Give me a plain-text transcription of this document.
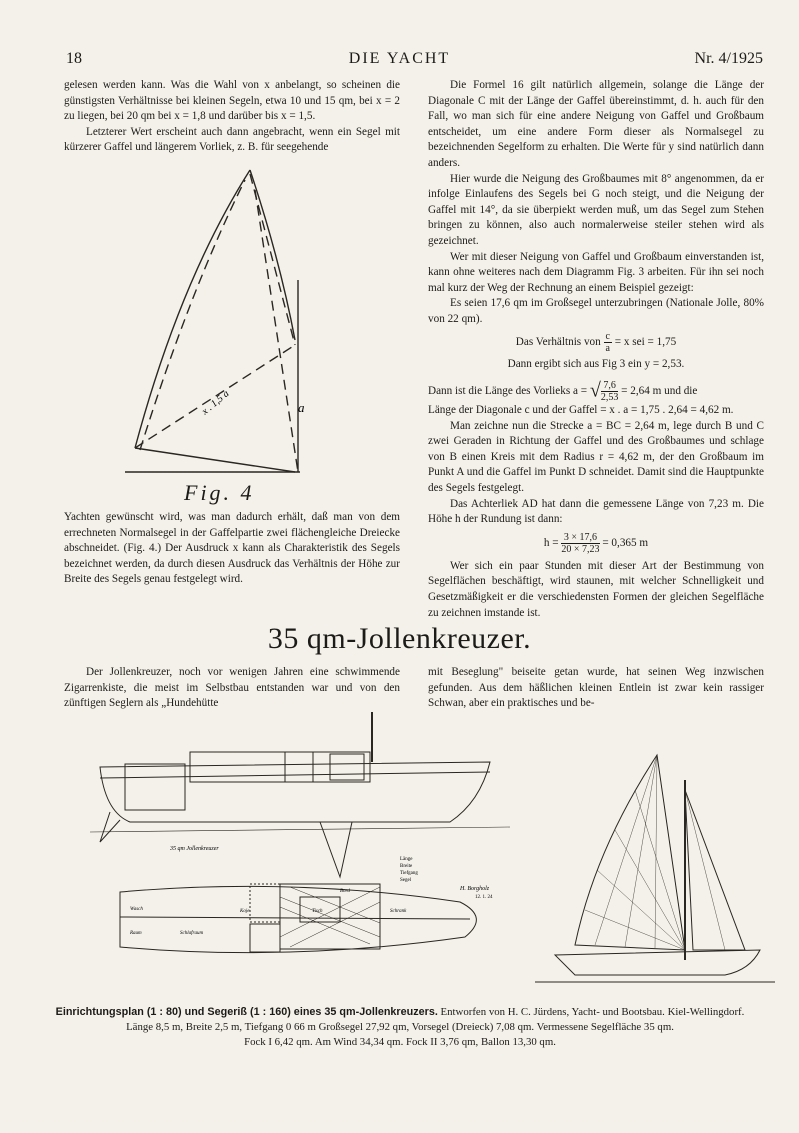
18	DIE YACHT	Nr. 4/1925

gelesen werden kann. Was die Wahl von x anbelangt, so scheinen die günstigsten Verhältnisse bei kleinen Segeln, etwa 10 und 15 qm, bei x = 2 zu liegen, bei 20 qm bei x = 1,8 und darüber bis x = 1,5.

Letzterer Wert erscheint auch dann angebracht, wenn ein Segel mit kürzerer Gaffel und längerem Vorliek, z. B. für seegehende

a
x . 1,5 a
Fig. 4

Yachten gewünscht wird, was man dadurch erhält, daß man von dem errechneten Normalsegel in der Gaffelpartie zwei flächengleiche Dreiecke abschneidet. (Fig. 4.) Der Ausdruck x kann als Charakteristik des Segels bezeichnet werden, da durch diesen Ausdruck das Verhältnis der Höhe zur Breite des Segels genau festgelegt wird.

Die Formel 16 gilt natürlich allgemein, solange die Länge der Diagonale C mit der Länge der Gaffel übereinstimmt, d. h. auch für den Fall, wo man sich für eine andere Neigung von Gaffel und Großbaum entscheidet, um eine andere Form dieser als Normalsegel zu bezeichnenden Segelform zu erhalten. Die Werte für y sind natürlich dann anders.

Hier wurde die Neigung des Großbaumes mit 8° angenommen, da er infolge Einlaufens des Segels bei G noch steigt, und die Neigung der Gaffel mit 14°, da sie überpiekt werden muß, um das Segel zum Stehen bringen zu können, also auch normalerweise steiler stehen wird als gezeichnet.

Wer mit dieser Neigung von Gaffel und Großbaum einverstanden ist, kann ohne weiteres nach dem Diagramm Fig. 3 arbeiten. Für ihn sei noch mal kurz der Weg der Rechnung an einem Beispiel gezeigt:

Es seien 17,6 qm im Großsegel unterzubringen (Nationale Jolle, 80% von 22 qm).

Das Verhältnis von $\frac{c}{a} = x$ sei = 1,75

Dann ergibt sich aus Fig 3 ein y = 2,53.

Dann ist die Länge des Vorlieks a = √ $\frac{7,6}{2,53} = 2,64$ m und die

Länge der Diagonale c und der Gaffel = x . a = 1,75 . 2,64 = 4,62 m.

Man zeichne nun die Strecke a = BC = 2,64 m, lege durch B und C zwei Geraden in Richtung der Gaffel und des Großbaumes und schlage von B einen Kreis mit dem Radius r = 4,62 m, der den Großbaum im Punkt A und die Gaffel im Punkt D schneidet. Damit sind die Hauptpunkte des Segels festgelegt.

Das Achterliek AD hat dann die gemessene Länge von 7,23 m. Die Höhe h der Rundung ist dann:

$h = \frac{3 \times 17,6}{20 \times 7,23} = 0,365$ m

Wer sich ein paar Stunden mit dieser Art der Bestimmung von Segelflächen beschäftigt, wird staunen, mit welcher Schnelligkeit und Gesetzmäßigkeit er die verschiedensten Formen der gleichen Segelfläche zu zeichnen imstande ist.

35 qm-Jollenkreuzer.

Der Jollenkreuzer, noch vor wenigen Jahren eine schwimmende Zigarrenkiste, die meist im Selbstbau entstanden war und von den zünftigen Seglern als „Hundehütte

mit Beseglung" beiseite getan wurde, hat seinen Weg inzwischen gefunden. Aus dem häßlichen kleinen Entlein ist zwar kein rassiger Schwan, aber ein praktisches und be-

35 qm Jollenkreuzer
H. Borgholz
12. 1. 24
Länge
Breite
Tiefgang
Segel
Wasch
Raum	Schlafraum
Koje	Tisch
Bord
Schrank
Einrichtungsplan (1 : 80) und Segeriß (1 : 160) eines 35 qm-Jollenkreuzers. Entworfen von H. C. Jürdens, Yacht- und Bootsbau. Kiel-Wellingdorf.
Länge 8,5 m, Breite 2,5 m, Tiefgang 0 66 m Großsegel 27,92 qm, Vorsegel (Dreieck) 7,08 qm. Vermessene Segelfläche 35 qm.
Fock I 6,42 qm. Am Wind 34,34 qm. Fock II 3,76 qm, Ballon 13,30 qm.
